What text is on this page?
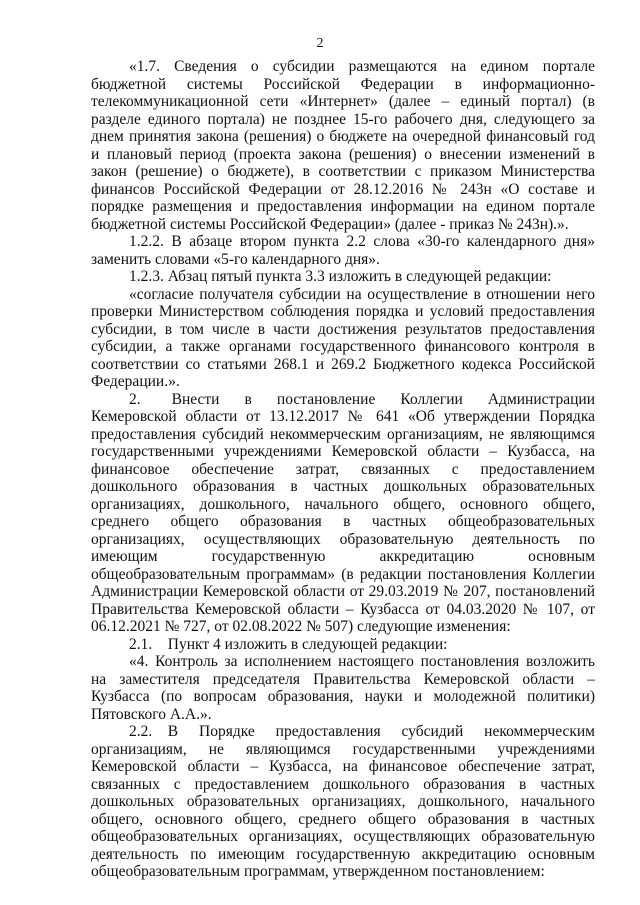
2

«1.7. Сведения о субсидии размещаются на едином портале бюджетной системы Российской Федерации в информационно-телекоммуникационной сети «Интернет» (далее – единый портал) (в разделе единого портала) не позднее 15-го рабочего дня, следующего за днем принятия закона (решения) о бюджете на очередной финансовый год и плановый период (проекта закона (решения) о внесении изменений в закон (решение) о бюджете), в соответствии с приказом Министерства финансов Российской Федерации от 28.12.2016 № 243н «О составе и порядке размещения и предоставления информации на едином портале бюджетной системы Российской Федерации» (далее - приказ № 243н).».

1.2.2. В абзаце втором пункта 2.2 слова «30-го календарного дня» заменить словами «5-го календарного дня».

1.2.3. Абзац пятый пункта 3.3 изложить в следующей редакции:

«согласие получателя субсидии на осуществление в отношении него проверки Министерством соблюдения порядка и условий предоставления субсидии, в том числе в части достижения результатов предоставления субсидии, а также органами государственного финансового контроля в соответствии со статьями 268.1 и 269.2 Бюджетного кодекса Российской Федерации.».

2.  Внести в постановление Коллегии Администрации Кемеровской области от 13.12.2017 № 641 «Об утверждении Порядка предоставления субсидий некоммерческим организациям, не являющимся государственными учреждениями Кемеровской области – Кузбасса, на финансовое обеспечение затрат, связанных с предоставлением дошкольного образования в частных дошкольных образовательных организациях, дошкольного, начального общего, основного общего, среднего общего образования в частных общеобразовательных организациях, осуществляющих образовательную деятельность по имеющим государственную аккредитацию основным общеобразовательным программам» (в редакции постановления Коллегии Администрации Кемеровской области от 29.03.2019 № 207, постановлений Правительства Кемеровской области – Кузбасса от 04.03.2020 № 107, от 06.12.2021 № 727, от 02.08.2022 № 507) следующие изменения:

2.1. Пункт 4 изложить в следующей редакции:

«4. Контроль за исполнением настоящего постановления возложить на заместителя председателя Правительства Кемеровской области – Кузбасса (по вопросам образования, науки и молодежной политики) Пятовского А.А.».

2.2. В Порядке предоставления субсидий некоммерческим организациям, не являющимся государственными учреждениями Кемеровской области – Кузбасса, на финансовое обеспечение затрат, связанных с предоставлением дошкольного образования в частных дошкольных образовательных организациях, дошкольного, начального общего, основного общего, среднего общего образования в частных общеобразовательных организациях, осуществляющих образовательную деятельность по имеющим государственную аккредитацию основным общеобразовательным программам, утвержденном постановлением:
